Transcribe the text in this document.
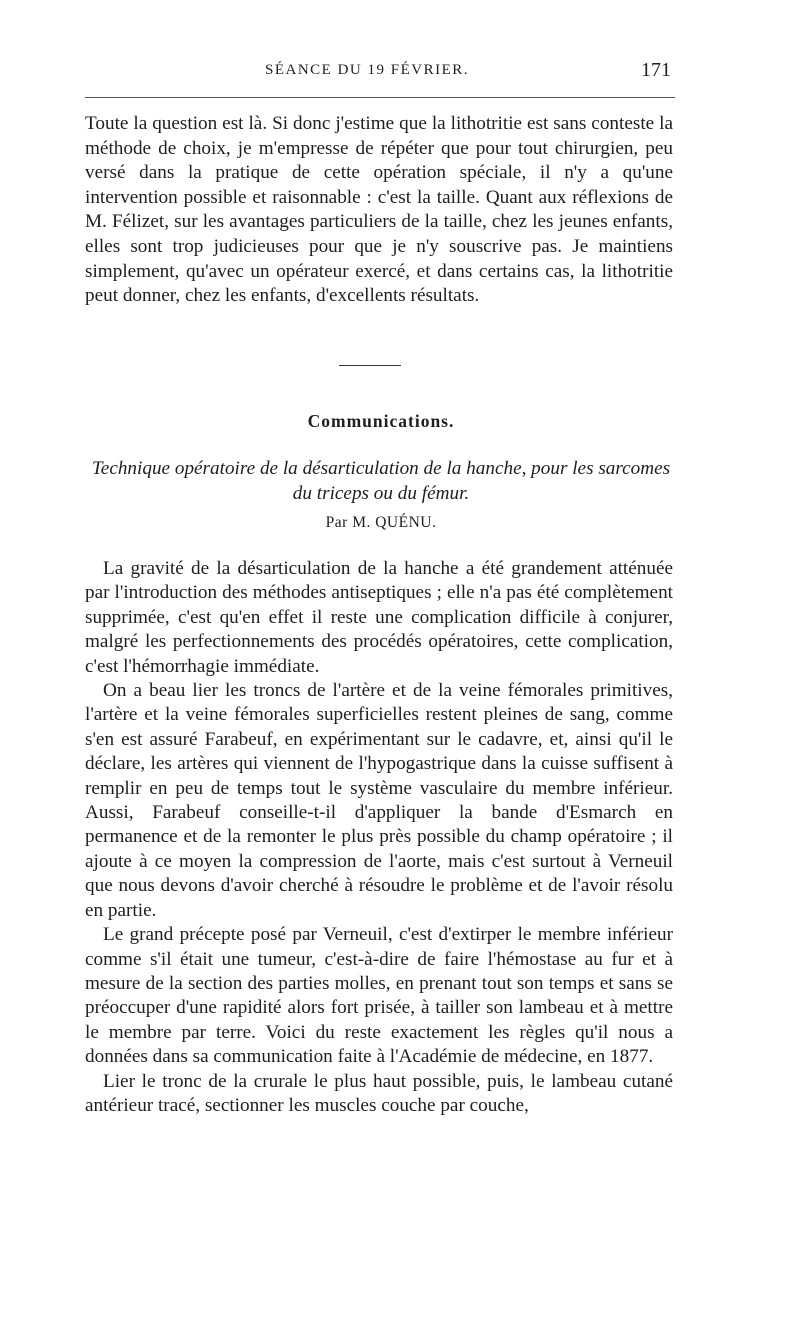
SÉANCE DU 19 FÉVRIER.	171

Toute la question est là. Si donc j'estime que la lithotritie est sans conteste la méthode de choix, je m'empresse de répéter que pour tout chirurgien, peu versé dans la pratique de cette opération spéciale, il n'y a qu'une intervention possible et raisonnable : c'est la taille. Quant aux réflexions de M. Félizet, sur les avantages particuliers de la taille, chez les jeunes enfants, elles sont trop judicieuses pour que je n'y souscrive pas. Je maintiens simplement, qu'avec un opérateur exercé, et dans certains cas, la lithotritie peut donner, chez les enfants, d'excellents résultats.

Communications.
Technique opératoire de la désarticulation de la hanche, pour les sarcomes du triceps ou du fémur.
Par M. QUÉNU.

La gravité de la désarticulation de la hanche a été grandement atténuée par l'introduction des méthodes antiseptiques ; elle n'a pas été complètement supprimée, c'est qu'en effet il reste une complication difficile à conjurer, malgré les perfectionnements des procédés opératoires, cette complication, c'est l'hémorrhagie immédiate.

On a beau lier les troncs de l'artère et de la veine fémorales primitives, l'artère et la veine fémorales superficielles restent pleines de sang, comme s'en est assuré Farabeuf, en expérimentant sur le cadavre, et, ainsi qu'il le déclare, les artères qui viennent de l'hypogastrique dans la cuisse suffisent à remplir en peu de temps tout le système vasculaire du membre inférieur. Aussi, Farabeuf conseille-t-il d'appliquer la bande d'Esmarch en permanence et de la remonter le plus près possible du champ opératoire ; il ajoute à ce moyen la compression de l'aorte, mais c'est surtout à Verneuil que nous devons d'avoir cherché à résoudre le problème et de l'avoir résolu en partie.

Le grand précepte posé par Verneuil, c'est d'extirper le membre inférieur comme s'il était une tumeur, c'est-à-dire de faire l'hémostase au fur et à mesure de la section des parties molles, en prenant tout son temps et sans se préoccuper d'une rapidité alors fort prisée, à tailler son lambeau et à mettre le membre par terre. Voici du reste exactement les règles qu'il nous a données dans sa communication faite à l'Académie de médecine, en 1877.

Lier le tronc de la crurale le plus haut possible, puis, le lambeau cutané antérieur tracé, sectionner les muscles couche par couche,
